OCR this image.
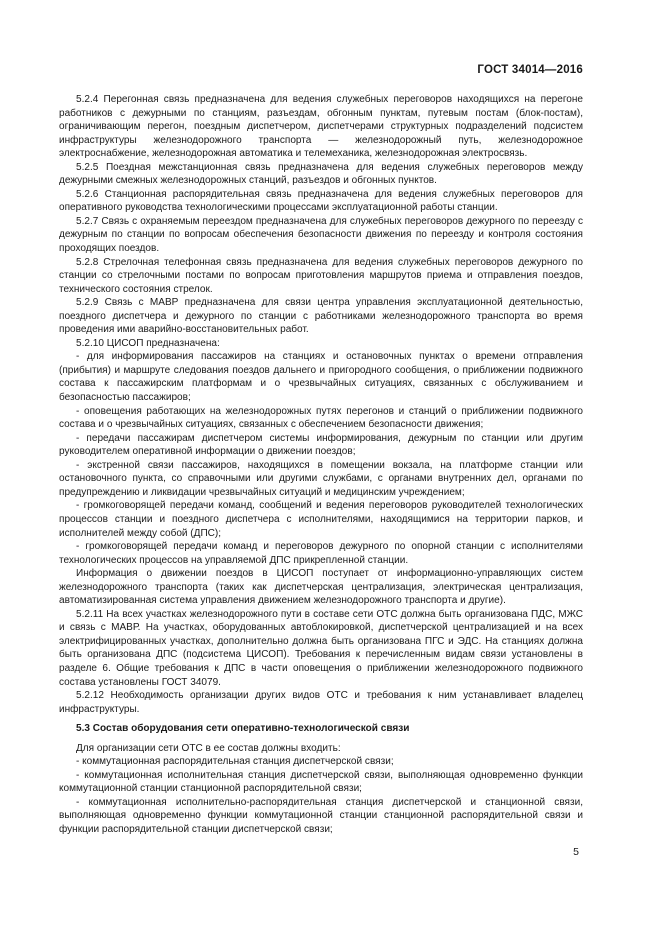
ГОСТ 34014—2016

5.2.4 Перегонная связь предназначена для ведения служебных переговоров находящихся на перегоне работников с дежурными по станциям, разъездам, обгонным пунктам, путевым постам (блок-постам), ограничивающим перегон, поездным диспетчером, диспетчерами структурных подразделений подсистем инфраструктуры железнодорожного транспорта — железнодорожный путь, железнодорожное электроснабжение, железнодорожная автоматика и телемеханика, железнодорожная электросвязь.

5.2.5 Поездная межстанционная связь предназначена для ведения служебных переговоров между дежурными смежных железнодорожных станций, разъездов и обгонных пунктов.

5.2.6 Станционная распорядительная связь предназначена для ведения служебных переговоров для оперативного руководства технологическими процессами эксплуатационной работы станции.

5.2.7 Связь с охраняемым переездом предназначена для служебных переговоров дежурного по переезду с дежурным по станции по вопросам обеспечения безопасности движения по переезду и контроля состояния проходящих поездов.

5.2.8 Стрелочная телефонная связь предназначена для ведения служебных переговоров дежурного по станции со стрелочными постами по вопросам приготовления маршрутов приема и отправления поездов, технического состояния стрелок.

5.2.9 Связь с МАВР предназначена для связи центра управления эксплуатационной деятельностью, поездного диспетчера и дежурного по станции с работниками железнодорожного транспорта во время проведения ими аварийно-восстановительных работ.

5.2.10 ЦИСОП предназначена:

- для информирования пассажиров на станциях и остановочных пунктах о времени отправления (прибытия) и маршруте следования поездов дальнего и пригородного сообщения, о приближении подвижного состава к пассажирским платформам и о чрезвычайных ситуациях, связанных с обслуживанием и безопасностью пассажиров;

- оповещения работающих на железнодорожных путях перегонов и станций о приближении подвижного состава и о чрезвычайных ситуациях, связанных с обеспечением безопасности движения;

- передачи пассажирам диспетчером системы информирования, дежурным по станции или другим руководителем оперативной информации о движении поездов;

- экстренной связи пассажиров, находящихся в помещении вокзала, на платформе станции или остановочного пункта, со справочными или другими службами, с органами внутренних дел, органами по предупреждению и ликвидации чрезвычайных ситуаций и медицинским учреждением;

- громкоговорящей передачи команд, сообщений и ведения переговоров руководителей технологических процессов станции и поездного диспетчера с исполнителями, находящимися на территории парков, и исполнителей между собой (ДПС);

- громкоговорящей передачи команд и переговоров дежурного по опорной станции с исполнителями технологических процессов на управляемой ДПС прикрепленной станции.

Информация о движении поездов в ЦИСОП поступает от информационно-управляющих систем железнодорожного транспорта (таких как диспетчерская централизация, электрическая централизация, автоматизированная система управления движением железнодорожного транспорта и другие).

5.2.11 На всех участках железнодорожного пути в составе сети ОТС должна быть организована ПДС, МЖС и связь с МАВР. На участках, оборудованных автоблокировкой, диспетчерской централизацией и на всех электрифицированных участках, дополнительно должна быть организована ПГС и ЭДС. На станциях должна быть организована ДПС (подсистема ЦИСОП). Требования к перечисленным видам связи установлены в разделе 6. Общие требования к ДПС в части оповещения о приближении железнодорожного подвижного состава установлены ГОСТ 34079.

5.2.12 Необходимость организации других видов ОТС и требования к ним устанавливает владелец инфраструктуры.

5.3 Состав оборудования сети оперативно-технологической связи

Для организации сети ОТС в ее состав должны входить:

- коммутационная распорядительная станция диспетчерской связи;

- коммутационная исполнительная станция диспетчерской связи, выполняющая одновременно функции коммутационной станции станционной распорядительной связи;

- коммутационная исполнительно-распорядительная станция диспетчерской и станционной связи, выполняющая одновременно функции коммутационной станции станционной распорядительной связи и функции распорядительной станции диспетчерской связи;

5
